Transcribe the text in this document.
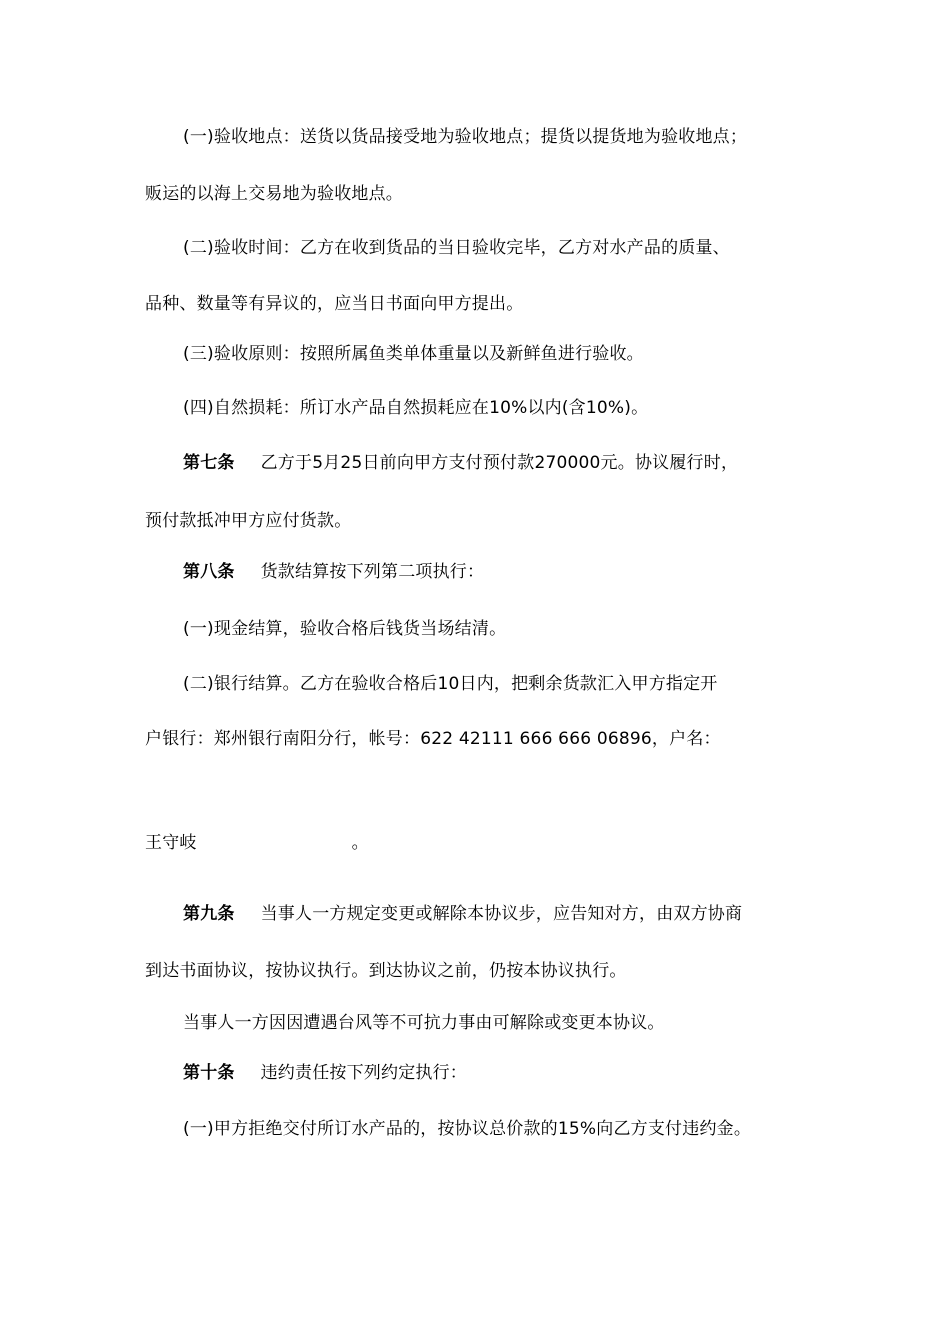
(一)验收地点：送货以货品接受地为验收地点；提货以提货地为验收地点；
贩运的以海上交易地为验收地点。
(二)验收时间：乙方在收到货品的当日验收完毕，乙方对水产品的质量、
品种、数量等有异议的，应当日书面向甲方提出。
(三)验收原则：按照所属鱼类单体重量以及新鲜鱼进行验收。
(四)自然损耗：所订水产品自然损耗应在10%以内(含10%)。
第七条 乙方于5月25日前向甲方支付预付款270000元。协议履行时，
预付款抵冲甲方应付货款。
第八条 货款结算按下列第二项执行：
(一)现金结算，验收合格后钱货当场结清。
(二)银行结算。乙方在验收合格后10日内，把剩余货款汇入甲方指定开
户银行：郑州银行南阳分行，帐号：622 42111 666 666 06896，户名：
王守岐	。
第九条 当事人一方规定变更或解除本协议步，应告知对方，由双方协商
到达书面协议，按协议执行。到达协议之前，仍按本协议执行。
当事人一方因因遭遇台风等不可抗力事由可解除或变更本协议。
第十条 违约责任按下列约定执行：
(一)甲方拒绝交付所订水产品的，按协议总价款的15%向乙方支付违约金。
